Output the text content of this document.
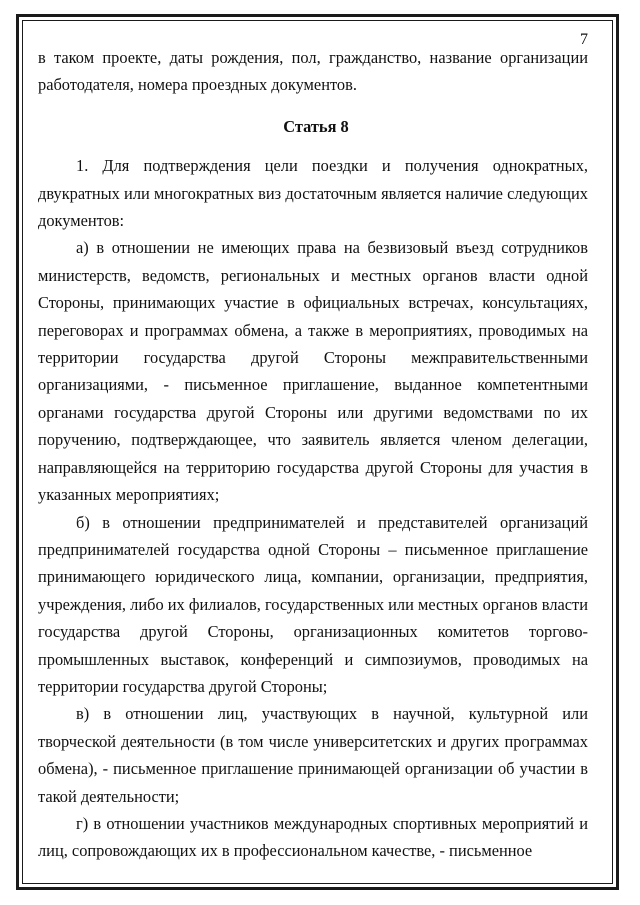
7

в таком проекте, даты рождения, пол, гражданство, название организации работодателя, номера проездных документов.

Статья 8

1. Для подтверждения цели поездки и получения однократных, двукратных или многократных виз достаточным является наличие следующих документов:

а) в отношении не имеющих права на безвизовый въезд сотрудников министерств, ведомств, региональных и местных органов власти одной Стороны, принимающих участие в официальных встречах, консультациях, переговорах и программах обмена, а также в мероприятиях, проводимых на территории государства другой Стороны межправительственными организациями, - письменное приглашение, выданное компетентными органами государства другой Стороны или другими ведомствами по их поручению, подтверждающее, что заявитель является членом делегации, направляющейся на территорию государства другой Стороны для участия в указанных мероприятиях;

б) в отношении предпринимателей и представителей организаций предпринимателей государства одной Стороны – письменное приглашение принимающего юридического лица, компании, организации, предприятия, учреждения, либо их филиалов, государственных или местных органов власти государства другой Стороны, организационных комитетов торгово-промышленных выставок, конференций и симпозиумов, проводимых на территории государства другой Стороны;

в) в отношении лиц, участвующих в научной, культурной или творческой деятельности (в том числе университетских и других программах обмена), - письменное приглашение принимающей организации об участии в такой деятельности;

г) в отношении участников международных спортивных мероприятий и лиц, сопровождающих их в профессиональном качестве, - письменное
